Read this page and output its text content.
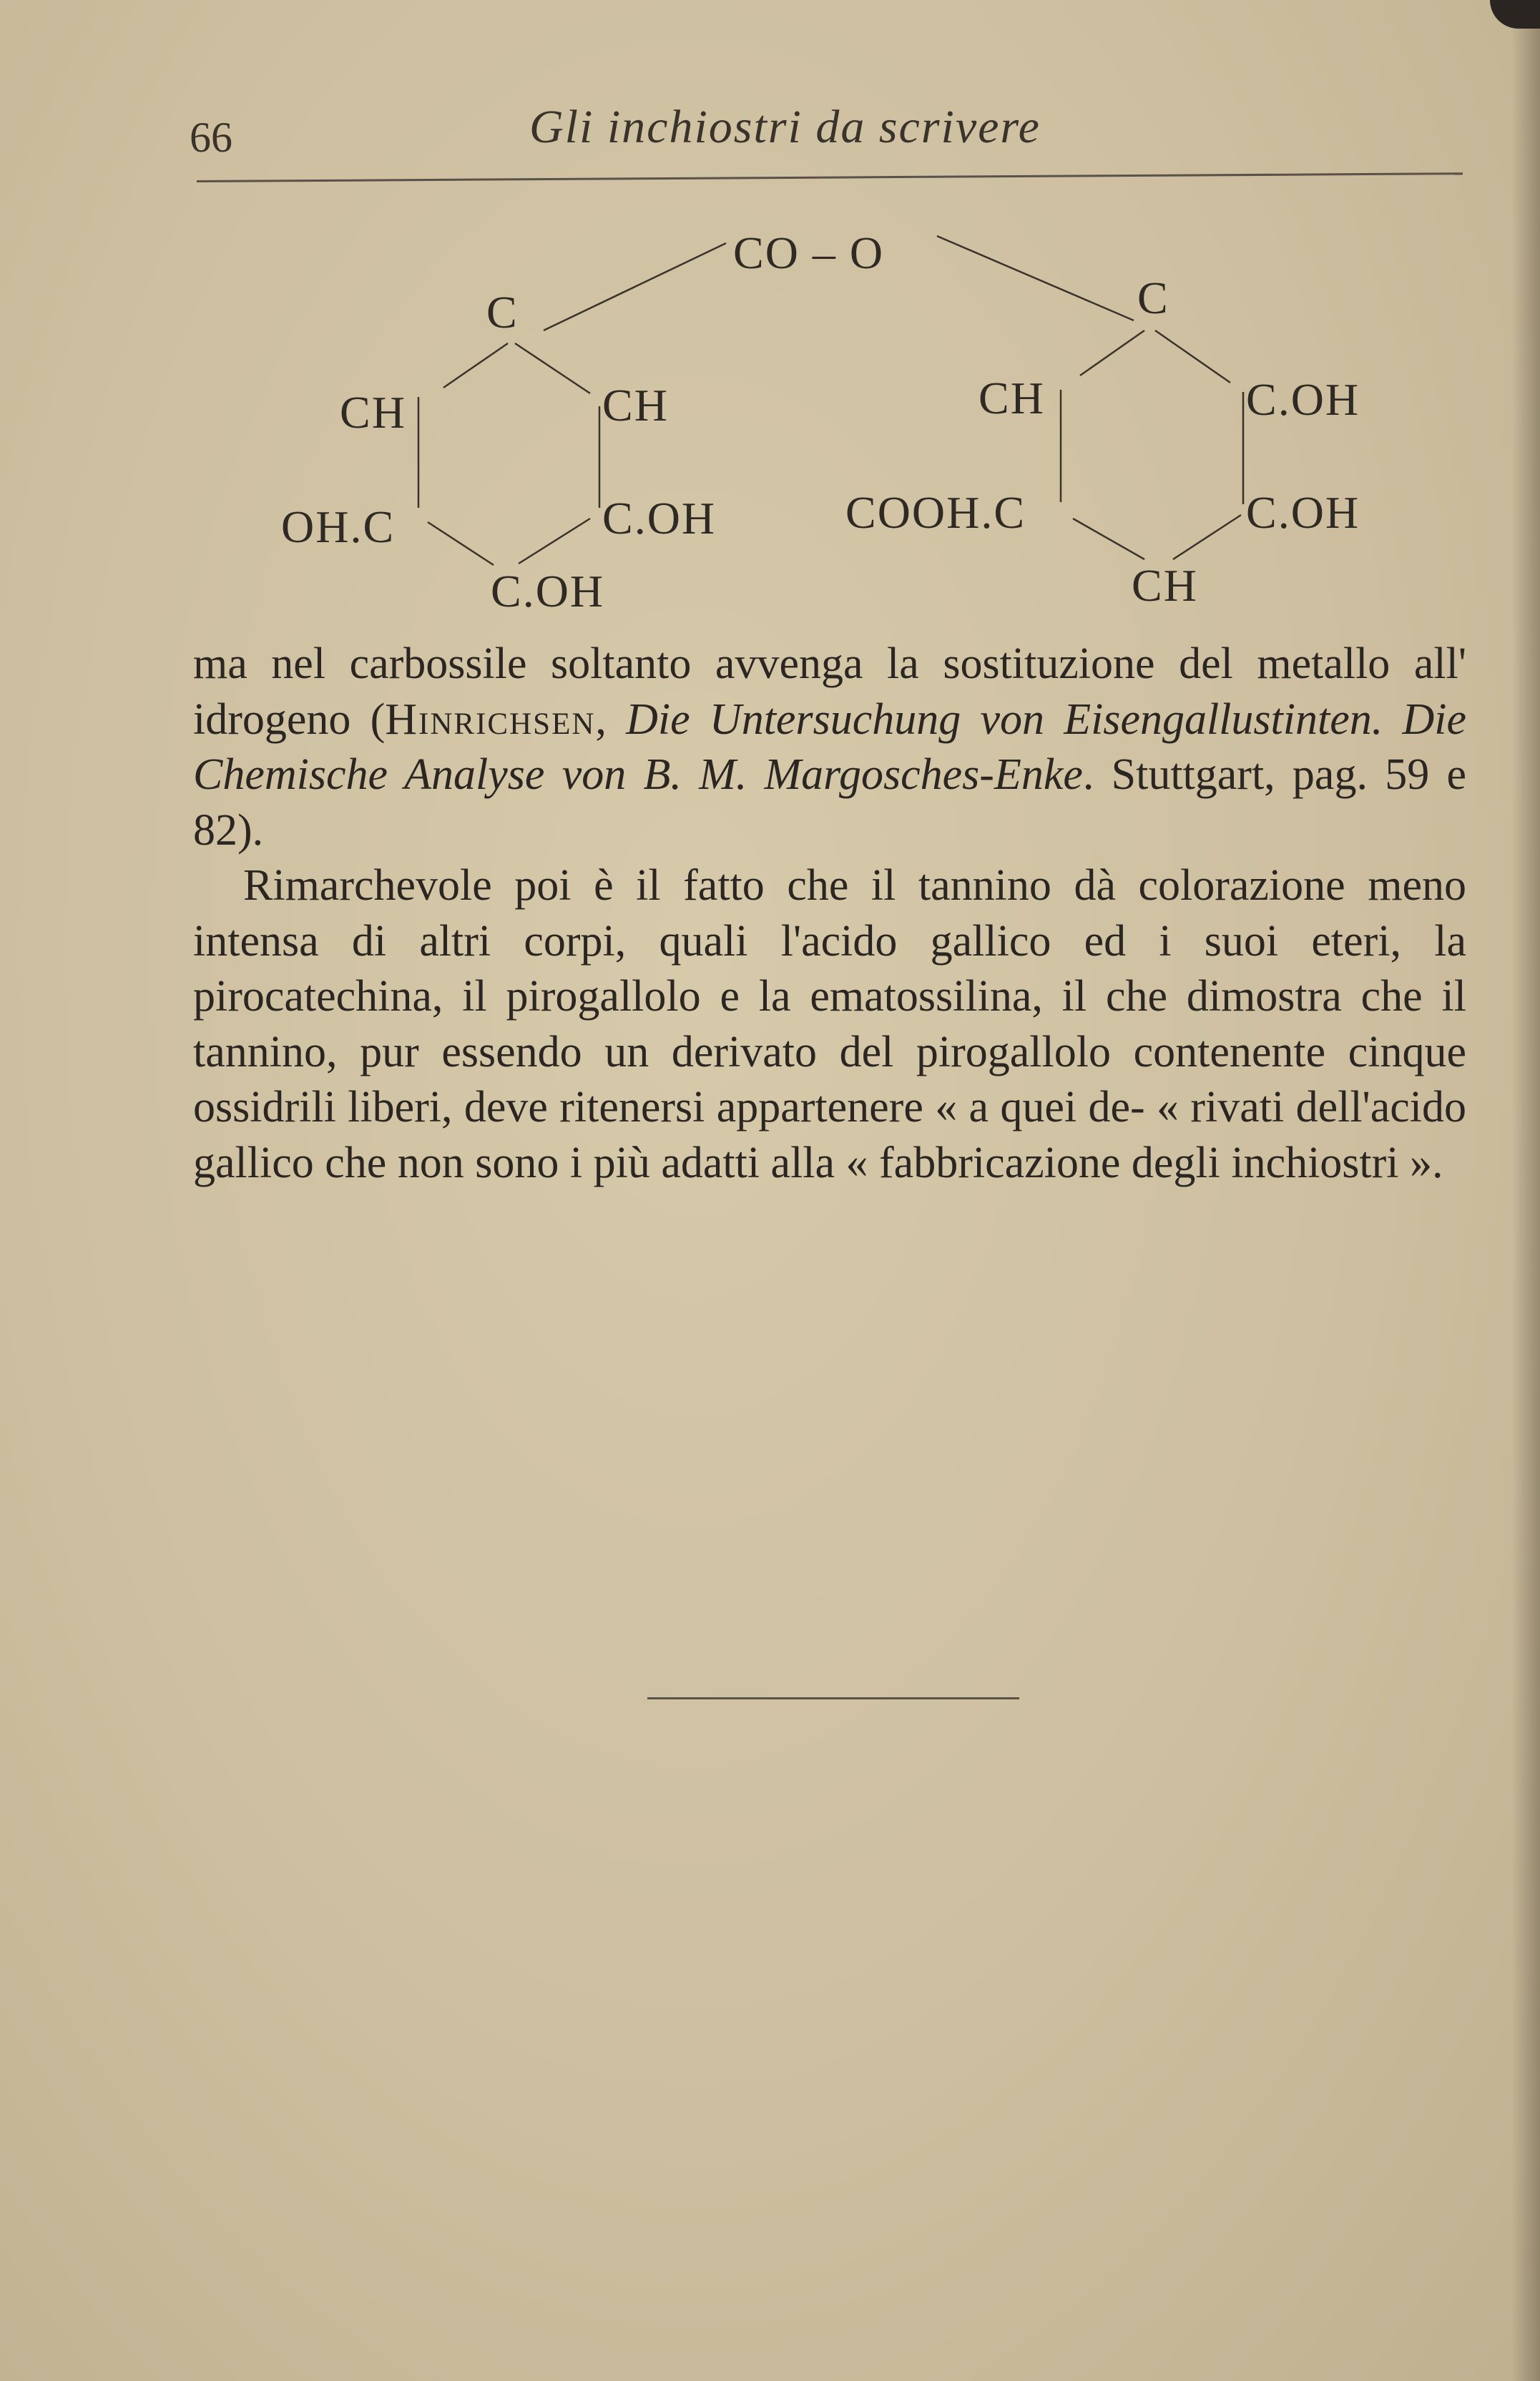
66	Gli inchiostri da scrivere
CO – O
C
CH	CH
OH.C	C.OH
C.OH
C
CH	C.OH
COOH.C	C.OH
CH

ma nel carbossile soltanto avvenga la sostituzione del metallo all' idrogeno (Hinrichsen, Die Untersuchung von Eisengallustinten. Die Chemische Analyse von B. M. Margosches-Enke. Stuttgart, pag. 59 e 82).

Rimarchevole poi è il fatto che il tannino dà colorazione meno intensa di altri corpi, quali l'acido gallico ed i suoi eteri, la pirocatechina, il pirogallolo e la ematossilina, il che dimostra che il tannino, pur essendo un derivato del pirogallolo contenente cinque ossidrili liberi, deve ritenersi appartenere « a quei de- « rivati dell'acido gallico che non sono i più adatti alla « fabbricazione degli inchiostri ».
